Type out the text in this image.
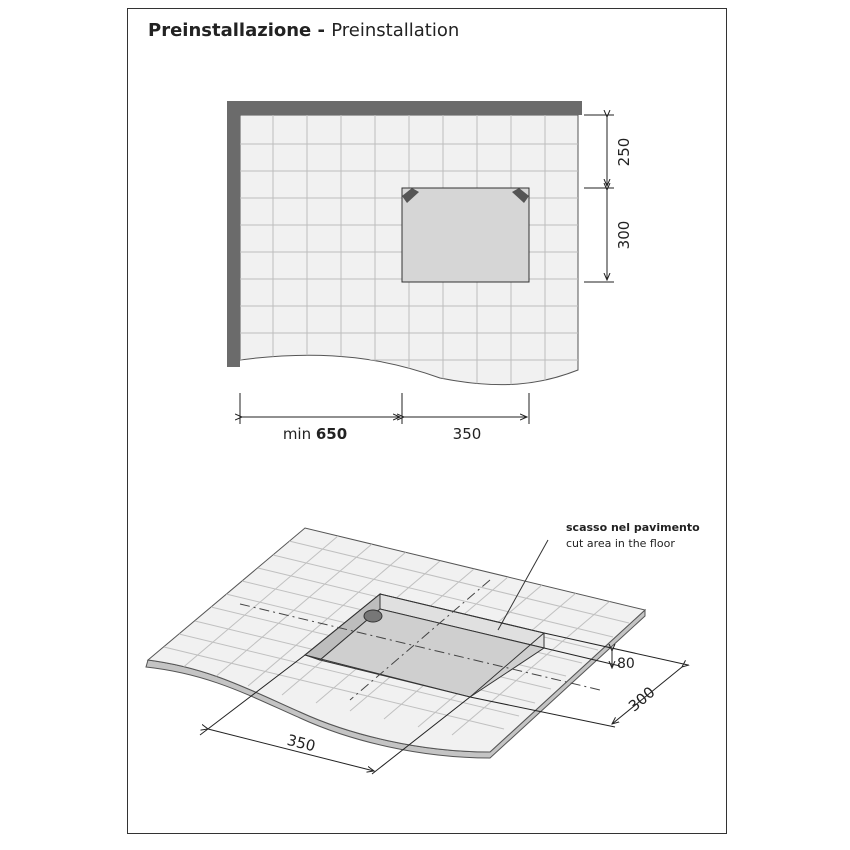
Preinstallazione - Preinstallation
250
300
min 650	350
scasso nel pavimento
cut area in the floor
80
300
350
